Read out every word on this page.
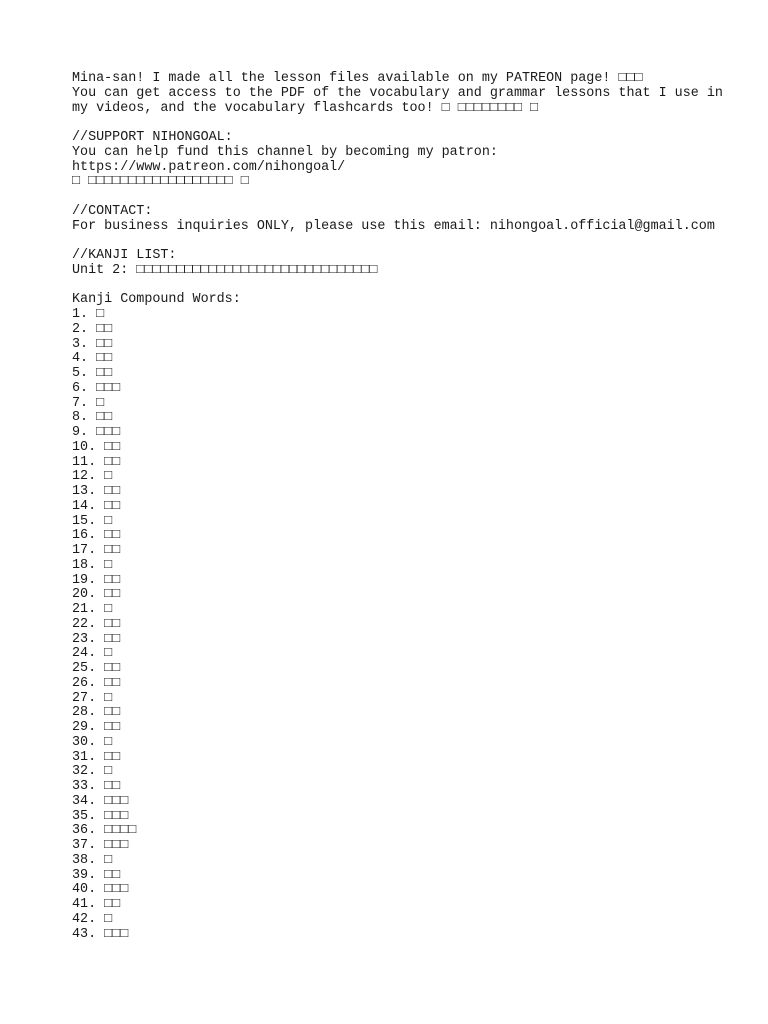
Mina-san! I made all the lesson files available on my PATREON page! □□□
You can get access to the PDF of the vocabulary and grammar lessons that I use in
my videos, and the vocabulary flashcards too! □ □□□□□□□□ □
//SUPPORT NIHONGOAL:
You can help fund this channel by becoming my patron:
https://www.patreon.com/nihongoal/
□ □□□□□□□□□□□□□□□□□□ □
//CONTACT:
For business inquiries ONLY, please use this email: nihongoal.official@gmail.com
//KANJI LIST:
Unit 2: □□□□□□□□□□□□□□□□□□□□□□□□□□□□□□
Kanji Compound Words:
1. □
2. □□
3. □□
4. □□
5. □□
6. □□□
7. □
8. □□
9. □□□
10. □□
11. □□
12. □
13. □□
14. □□
15. □
16. □□
17. □□
18. □
19. □□
20. □□
21. □
22. □□
23. □□
24. □
25. □□
26. □□
27. □
28. □□
29. □□
30. □
31. □□
32. □
33. □□
34. □□□
35. □□□
36. □□□□
37. □□□
38. □
39. □□
40. □□□
41. □□
42. □
43. □□□
